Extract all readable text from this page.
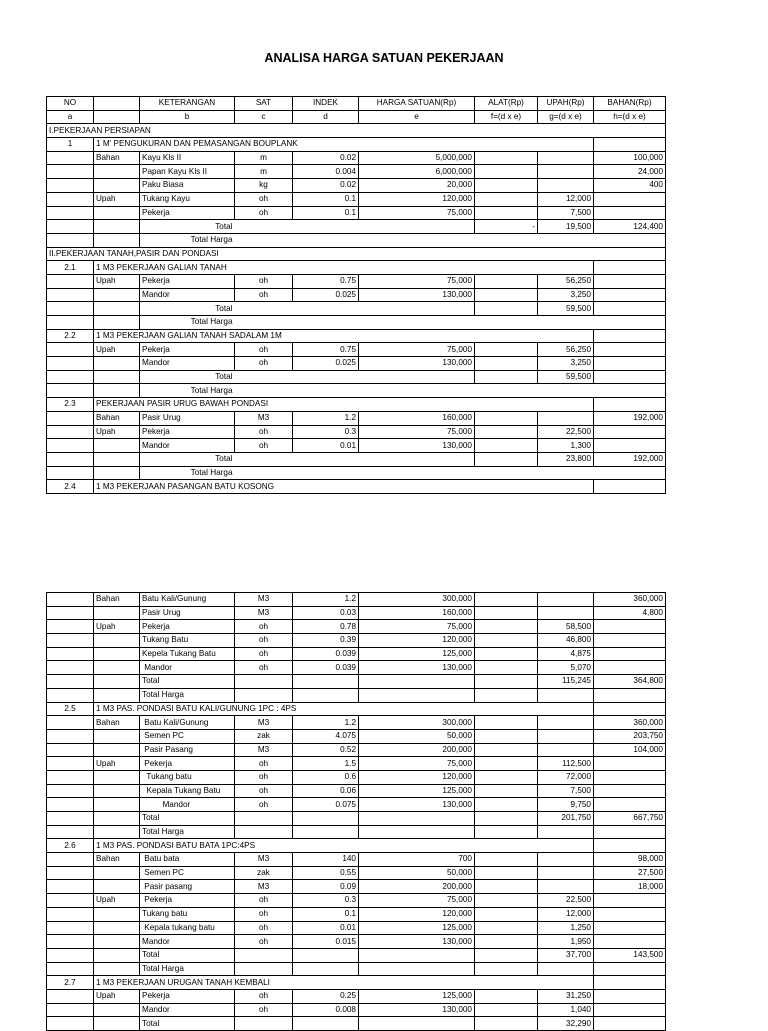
ANALISA HARGA SATUAN PEKERJAAN
NO		KETERANGAN	SAT	INDEK	HARGA SATUAN(Rp)	ALAT(Rp)	UPAH(Rp)	BAHAN(Rp)
a		b	c	d	e	f=(d x e)	g=(d x e)	h=(d x e)
I.PEKERJAAN PERSIAPAN								
1	1 M' PENGUKURAN DAN PEMASANGAN BOUPLANK							
	Bahan	Kayu Kls II	m	0.02	5,000,000			100,000
		Papan Kayu Kls II	m	0.004	6,000,000			24,000
		Paku Biasa	kg	0.02	20,000			400
	Upah	Tukang Kayu	oh	0.1	120,000		12,000	
		Pekerja	oh	0.1	75,000		7,500	
		Total				-	19,500	124,400
		Total Harga						
II.PEKERJAAN TANAH,PASIR DAN PONDASI								
2.1	1 M3 PEKERJAAN GALIAN TANAH							
	Upah	Pekerja	oh	0.75	75,000		56,250	
		Mandor	oh	0.025	130,000		3,250	
		Total					59,500	
		Total Harga						
2.2	1 M3 PEKERJAAN GALIAN TANAH SADALAM 1M							
	Upah	Pekerja	oh	0.75	75,000		56,250	
		Mandor	oh	0.025	130,000		3,250	
		Total					59,500	
		Total Harga						
2.3	PEKERJAAN PASIR URUG BAWAH PONDASI							
	Bahan	Pasir Urug	M3	1.2	160,000			192,000
	Upah	Pekerja	oh	0.3	75,000		22,500	
		Mandor	oh	0.01	130,000		1,300	
		Total					23,800	192,000
		Total Harga						
2.4	1 M3 PEKERJAAN PASANGAN BATU KOSONG							
	Bahan	Batu Kali/Gunung	M3	1.2	300,000			360,000
		Pasir Urug	M3	0.03	160,000			4,800
	Upah	Pekerja	oh	0.78	75,000		58,500	
		Tukang Batu	oh	0.39	120,000		46,800	
		Kepela Tukang Batu	oh	0.039	125,000		4,875	
		Mandor	oh	0.039	130,000		5,070	
		Total					115,245	364,800
		Total Harga						
2.5	1 M3 PAS. PONDASI BATU KALI/GUNUNG 1PC : 4PS							
	Bahan	Batu Kali/Gunung	M3	1.2	300,000			360,000
		Semen PC	zak	4.075	50,000			203,750
		Pasir Pasang	M3	0.52	200,000			104,000
	Upah	Pekerja	oh	1.5	75,000		112,500	
		Tukang batu	oh	0.6	120,000		72,000	
		Kepala Tukang Batu	oh	0.06	125,000		7,500	
		Mandor	oh	0.075	130,000		9,750	
		Total					201,750	667,750
		Total Harga						
2.6	1 M3 PAS. PONDASI BATU BATA 1PC:4PS							
	Bahan	Batu bata	M3	140	700			98,000
		Semen PC	zak	0.55	50,000			27,500
		Pasir pasang	M3	0.09	200,000			18,000
	Upah	Pekerja	oh	0.3	75,000		22,500	
		Tukang batu	oh	0.1	120,000		12,000	
		Kepala tukang batu	oh	0.01	125,000		1,250	
		Mandor	oh	0.015	130,000		1,950	
		Total					37,700	143,500
		Total Harga						
2.7	1 M3 PEKERJAAN URUGAN TANAH KEMBALI							
	Upah	Pekerja	oh	0.25	125,000		31,250	
		Mandor	oh	0.008	130,000		1,040	
		Total					32,290	
